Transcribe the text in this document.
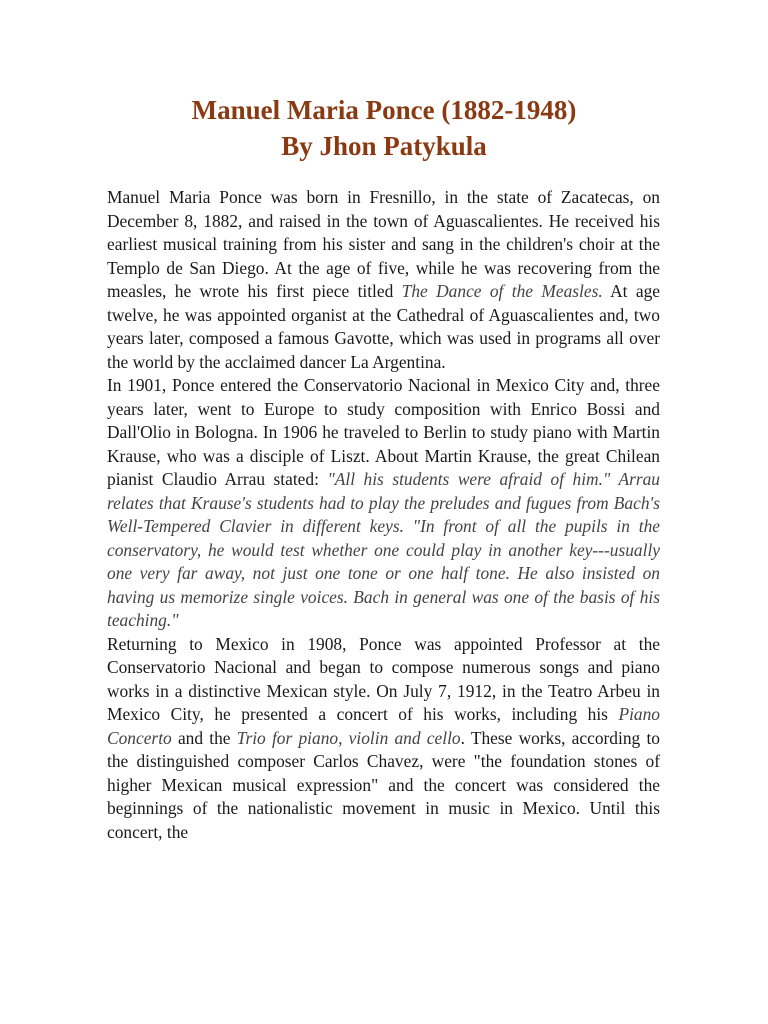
Manuel Maria Ponce (1882-1948)
By Jhon Patykula

Manuel Maria Ponce was born in Fresnillo, in the state of Zacatecas, on December 8, 1882, and raised in the town of Aguascalientes. He received his earliest musical training from his sister and sang in the children's choir at the Templo de San Diego. At the age of five, while he was recovering from the measles, he wrote his first piece titled The Dance of the Measles. At age twelve, he was appointed organist at the Cathedral of Aguascalientes and, two years later, composed a famous Gavotte, which was used in programs all over the world by the acclaimed dancer La Argentina.

In 1901, Ponce entered the Conservatorio Nacional in Mexico City and, three years later, went to Europe to study composition with Enrico Bossi and Dall'Olio in Bologna. In 1906 he traveled to Berlin to study piano with Martin Krause, who was a disciple of Liszt. About Martin Krause, the great Chilean pianist Claudio Arrau stated: "All his students were afraid of him." Arrau relates that Krause's students had to play the preludes and fugues from Bach's Well-Tempered Clavier in different keys. "In front of all the pupils in the conservatory, he would test whether one could play in another key---usually one very far away, not just one tone or one half tone. He also insisted on having us memorize single voices. Bach in general was one of the basis of his teaching."

Returning to Mexico in 1908, Ponce was appointed Professor at the Conservatorio Nacional and began to compose numerous songs and piano works in a distinctive Mexican style. On July 7, 1912, in the Teatro Arbeu in Mexico City, he presented a concert of his works, including his Piano Concerto and the Trio for piano, violin and cello. These works, according to the distinguished composer Carlos Chavez, were "the foundation stones of higher Mexican musical expression" and the concert was considered the beginnings of the nationalistic movement in music in Mexico. Until this concert, the
